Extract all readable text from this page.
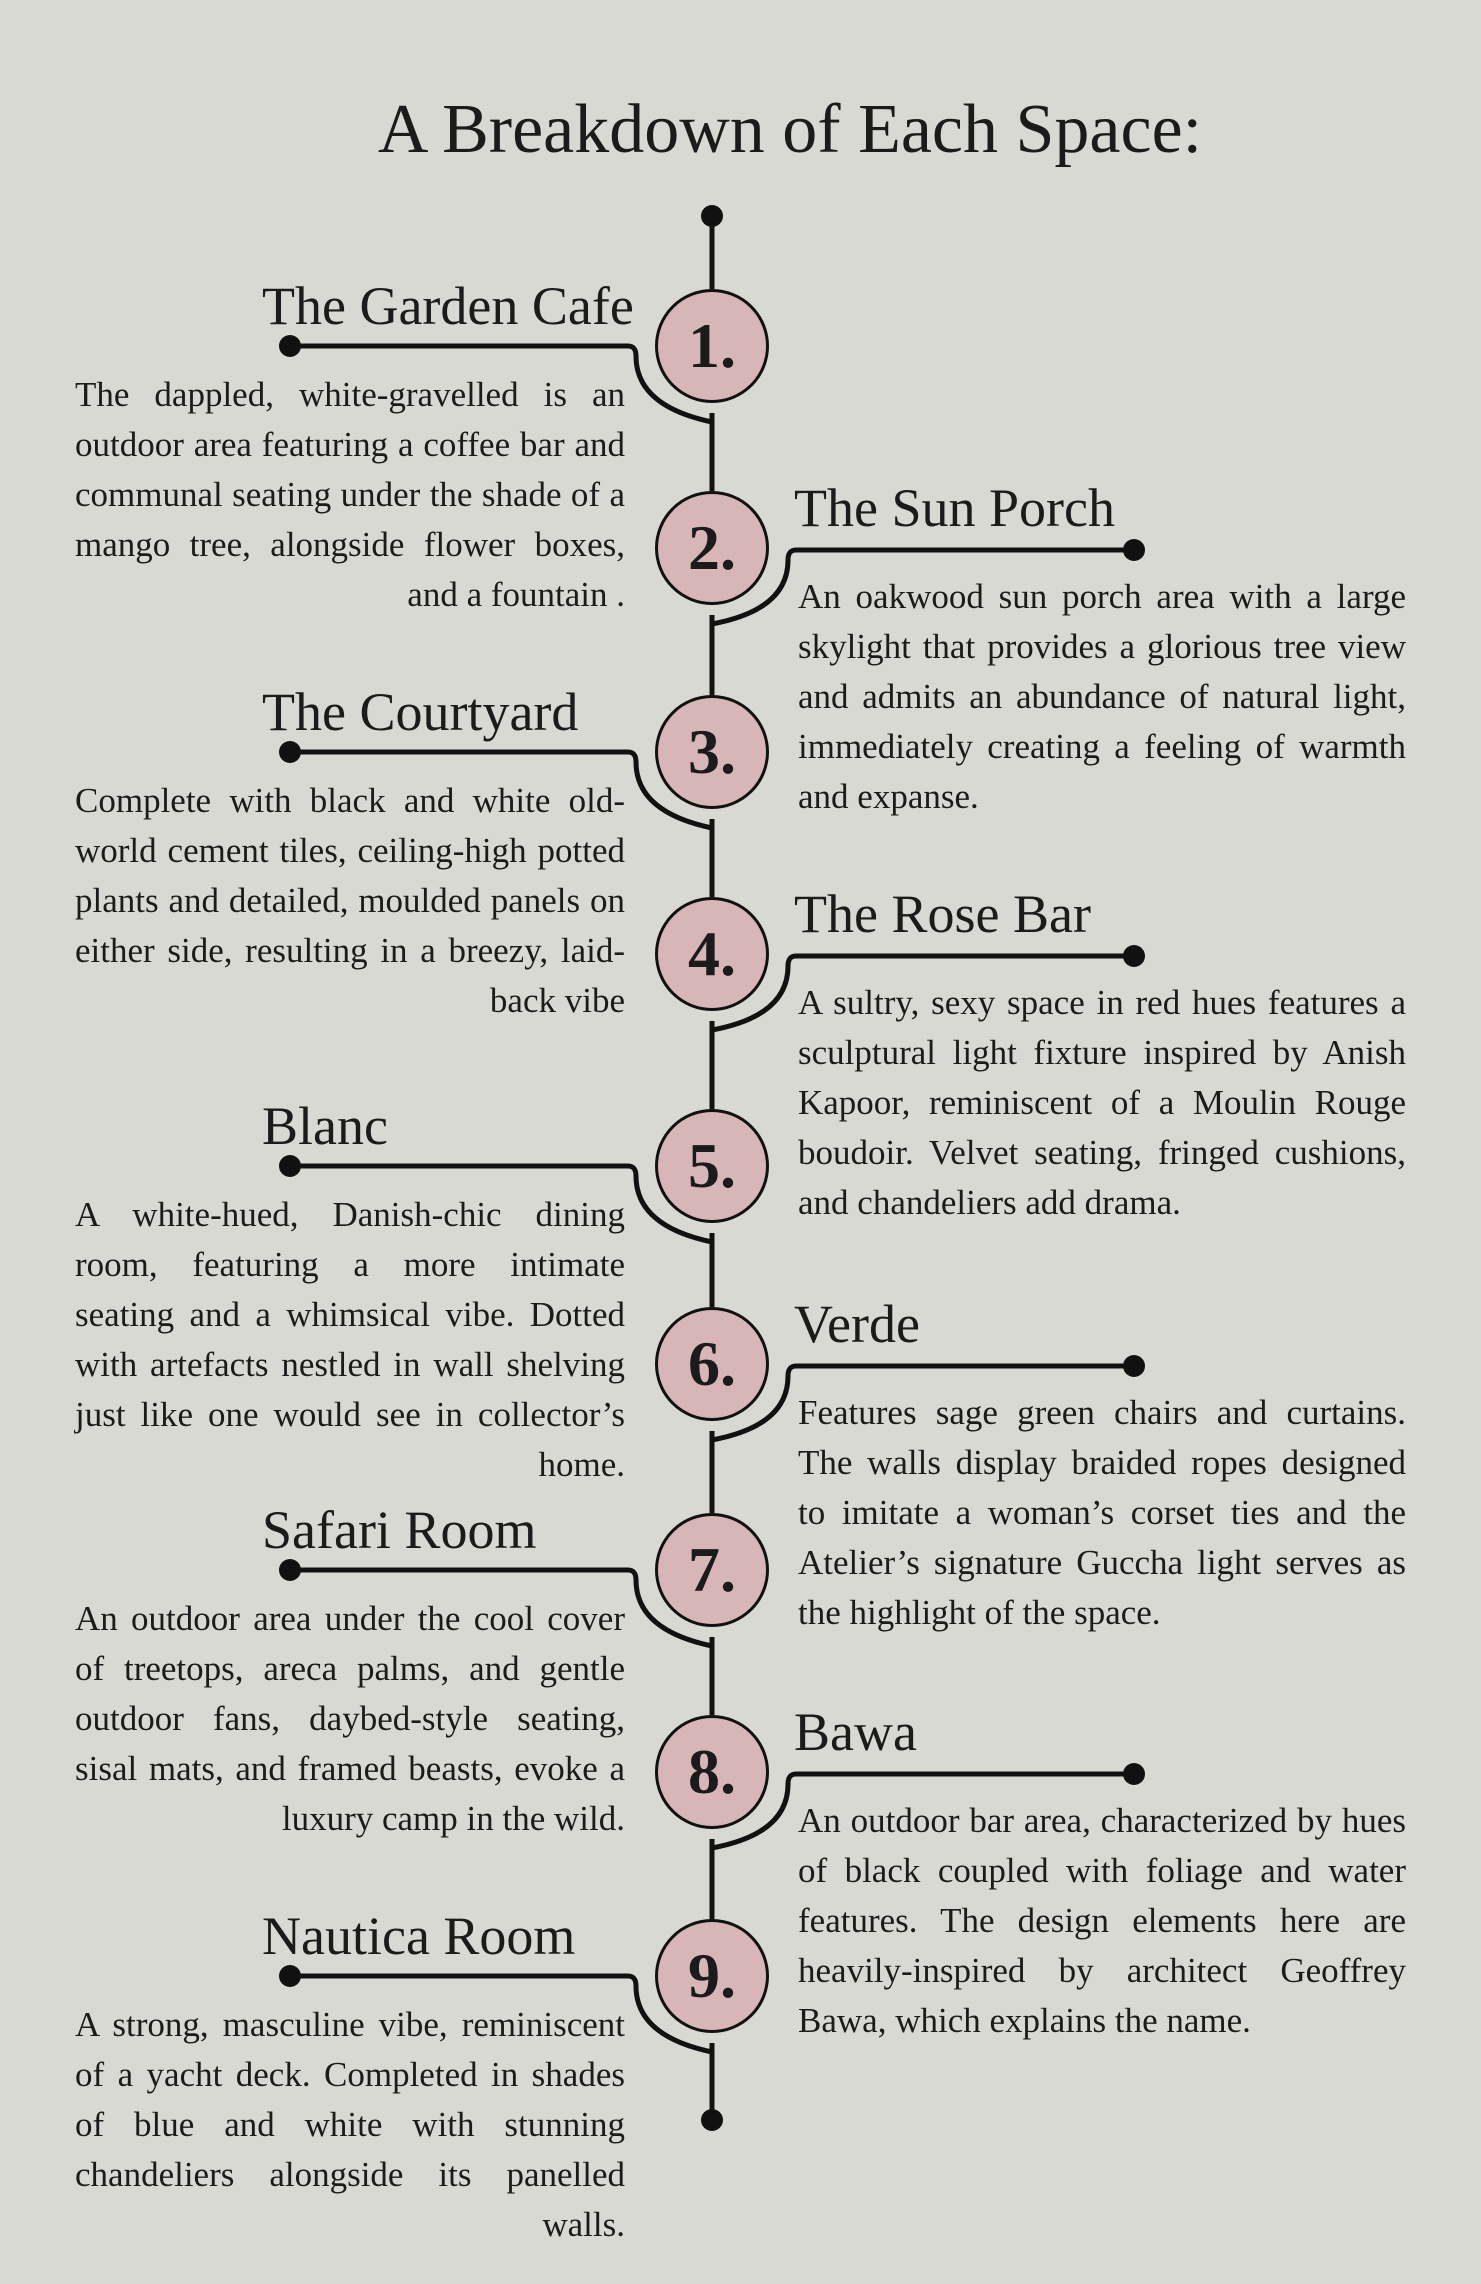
A Breakdown of Each Space:
The Garden Cafe
The dappled, white-gravelled is an outdoor area featuring a coffee bar and communal seating under the shade of a mango tree, alongside flower boxes, and a fountain .
1.
The Sun Porch
An oakwood sun porch area with a large skylight that provides a glorious tree view and admits an abundance of natural light, immediately creating a feeling of warmth and expanse.
2.
The Courtyard
Complete with black and white old-world cement tiles, ceiling-high potted plants and detailed, moulded panels on either side, resulting in a breezy, laid-back vibe
3.
The Rose Bar
A sultry, sexy space in red hues features a sculptural light fixture inspired by Anish Kapoor, reminiscent of a Moulin Rouge boudoir. Velvet seating, fringed cushions, and chandeliers add drama.
4.
Blanc
A white-hued, Danish-chic dining room, featuring a more intimate seating and a whimsical vibe. Dotted with artefacts nestled in wall shelving just like one would see in collector’s home.
5.
Verde
Features sage green chairs and curtains. The walls display braided ropes designed to imitate a woman’s corset ties and the Atelier’s signature Guccha light serves as the highlight of the space.
6.
Safari Room
An outdoor area under the cool cover of treetops, areca palms, and gentle outdoor fans, daybed-style seating, sisal mats, and framed beasts, evoke a luxury camp in the wild.
7.
Bawa
An outdoor bar area, characterized by hues of black coupled with foliage and water features. The design elements here are heavily-inspired by architect Geoffrey Bawa, which explains the name.
8.
Nautica Room
A strong, masculine vibe, reminiscent of a yacht deck. Completed in shades of blue and white with stunning chandeliers alongside its panelled walls.
9.
